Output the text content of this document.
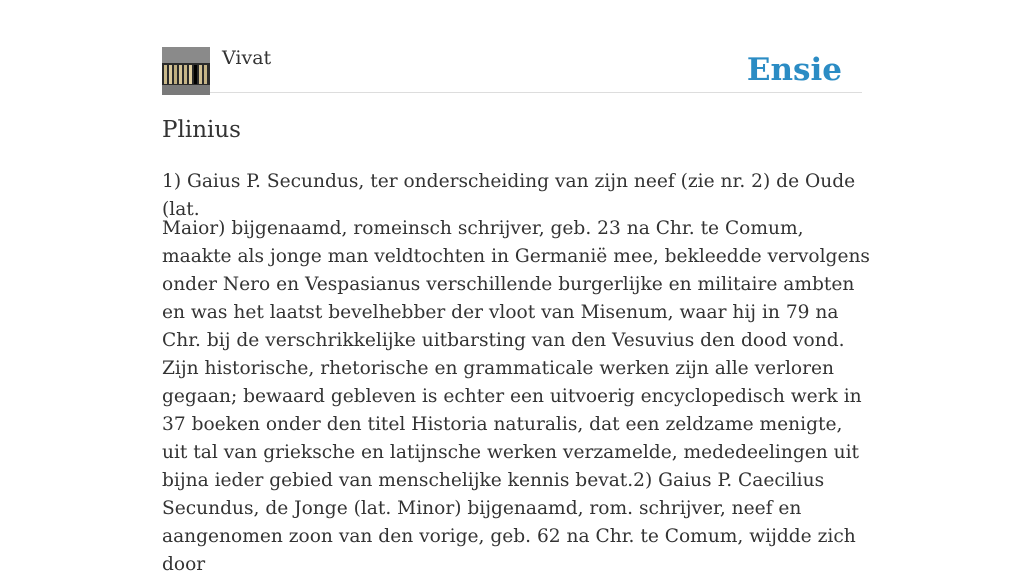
Vivat	Ensie
Plinius

1) Gaius P. Secundus, ter onderscheiding van zijn neef (zie nr. 2) de Oude (lat.

Maior) bijgenaamd, romeinsch schrijver, geb. 23 na Chr. te Comum, maakte als jonge man veldtochten in Germanië mee, bekleedde vervolgens onder Nero en Vespasianus verschillende burgerlijke en militaire ambten en was het laatst bevelhebber der vloot van Misenum, waar hij in 79 na Chr. bij de verschrikkelijke uitbarsting van den Vesuvius den dood vond. Zijn historische, rhetorische en grammaticale werken zijn alle verloren gegaan; bewaard gebleven is echter een uitvoerig encyclopedisch werk in 37 boeken onder den titel Historia naturalis, dat een zeldzame menigte, uit tal van grieksche en latijnsche werken verzamelde, mededeelingen uit bijna ieder gebied van menschelijke kennis bevat.2) Gaius P. Caecilius Secundus, de Jonge (lat. Minor) bijgenaamd, rom. schrijver, neef en aangenomen zoon van den vorige, geb. 62 na Chr. te Comum, wijdde zich door
